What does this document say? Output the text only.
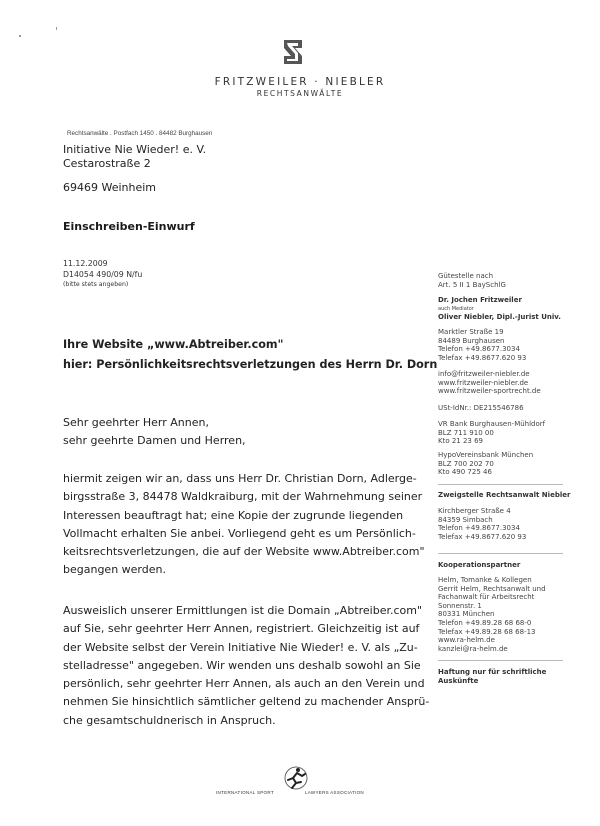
FRITZWEILER · NIEBLER
RECHTSANWÄLTE
Rechtsanwälte . Postfach 1450 . 84482 Burghausen
Initiative Nie Wieder! e. V.
Cestarostraße 2
69469 Weinheim
Einschreiben-Einwurf
11.12.2009
D14054 490/09 N/fu
(bitte stets angeben)
Ihre Website „www.Abtreiber.com"
hier: Persönlichkeitsrechtsverletzungen des Herrn Dr. Dorn
Sehr geehrter Herr Annen,
sehr geehrte Damen und Herren,
hiermit zeigen wir an, dass uns Herr Dr. Christian Dorn, Adlerge-
birgsstraße 3, 84478 Waldkraiburg, mit der Wahrnehmung seiner
Interessen beauftragt hat; eine Kopie der zugrunde liegenden
Vollmacht erhalten Sie anbei. Vorliegend geht es um Persönlich-
keitsrechtsverletzungen, die auf der Website www.Abtreiber.com"
begangen werden.
Ausweislich unserer Ermittlungen ist die Domain „Abtreiber.com"
auf Sie, sehr geehrter Herr Annen, registriert. Gleichzeitig ist auf
der Website selbst der Verein Initiative Nie Wieder! e. V. als „Zu-
stelladresse" angegeben. Wir wenden uns deshalb sowohl an Sie
persönlich, sehr geehrter Herr Annen, als auch an den Verein und
nehmen Sie hinsichtlich sämtlicher geltend zu machender Ansprü-
che gesamtschuldnerisch in Anspruch.
Gütestelle nach
Art. 5 II 1 BaySchlG
Dr. Jochen Fritzweiler
auch Mediator
Oliver Niebler, Dipl.-Jurist Univ.
Marktler Straße 19
84489 Burghausen
Telefon +49.8677.3034
Telefax +49.8677.620 93
info@fritzweiler-niebler.de
www.fritzweiler-niebler.de
www.fritzweiler-sportrecht.de
USt-IdNr.: DE215546786
VR Bank Burghausen-Mühldorf
BLZ 711 910 00
Kto 21 23 69
HypoVereinsbank München
BLZ 700 202 70
Kto 490 725 46
Zweigstelle Rechtsanwalt Niebler
Kirchberger Straße 4
84359 Simbach
Telefon +49.8677.3034
Telefax +49.8677.620 93
Kooperationspartner
Helm, Tomanke & Kollegen
Gerrit Helm, Rechtsanwalt und
Fachanwalt für Arbeitsrecht
Sonnenstr. 1
80331 München
Telefon +49.89.28 68 68-0
Telefax +49.89.28 68 68-13
www.ra-helm.de
kanzlei@ra-helm.de
Haftung nur für schriftliche
Auskünfte
INTERNATIONAL SPORT	LAWYERS ASSOCIATION
